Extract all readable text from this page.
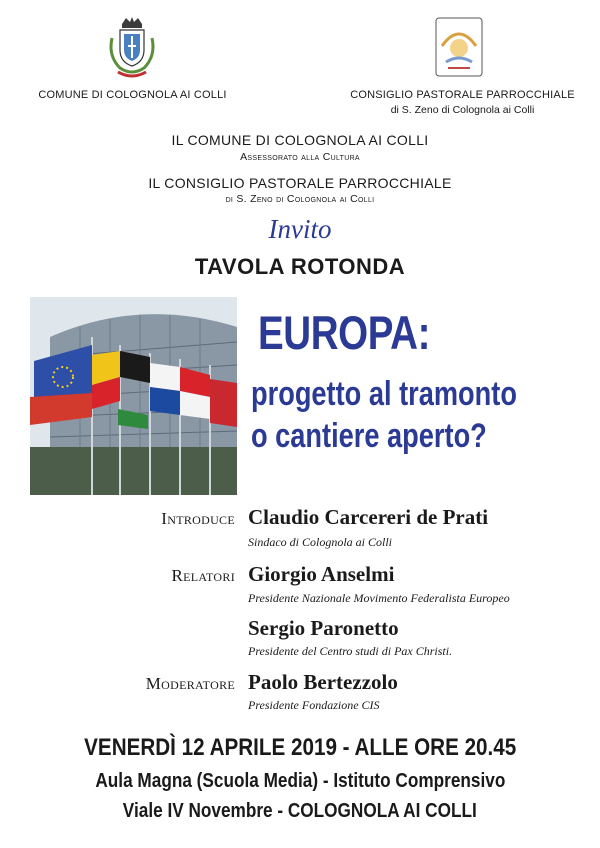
COMUNE DI COLOGNOLA AI COLLI	CONSIGLIO PASTORALE PARROCCHIALE
di S. Zeno di Colognola ai Colli
IL COMUNE DI COLOGNOLA AI COLLI
Assessorato alla Cultura
IL CONSIGLIO PASTORALE PARROCCHIALE
di S. Zeno di Colognola ai Colli
Invito
TAVOLA ROTONDA
EUROPA:
progetto al tramonto
o cantiere aperto?
Introduce Claudio Carcereri de Prati
Sindaco di Colognola ai Colli
Relatori Giorgio Anselmi
Presidente Nazionale Movimento Federalista Europeo
Sergio Paronetto
Presidente del Centro studi di Pax Christi.
Moderatore Paolo Bertezzolo
Presidente Fondazione CIS
VENERDÌ 12 APRILE 2019 - ALLE ORE 20.45
Aula Magna (Scuola Media) - Istituto Comprensivo
Viale IV Novembre - COLOGNOLA AI COLLI
